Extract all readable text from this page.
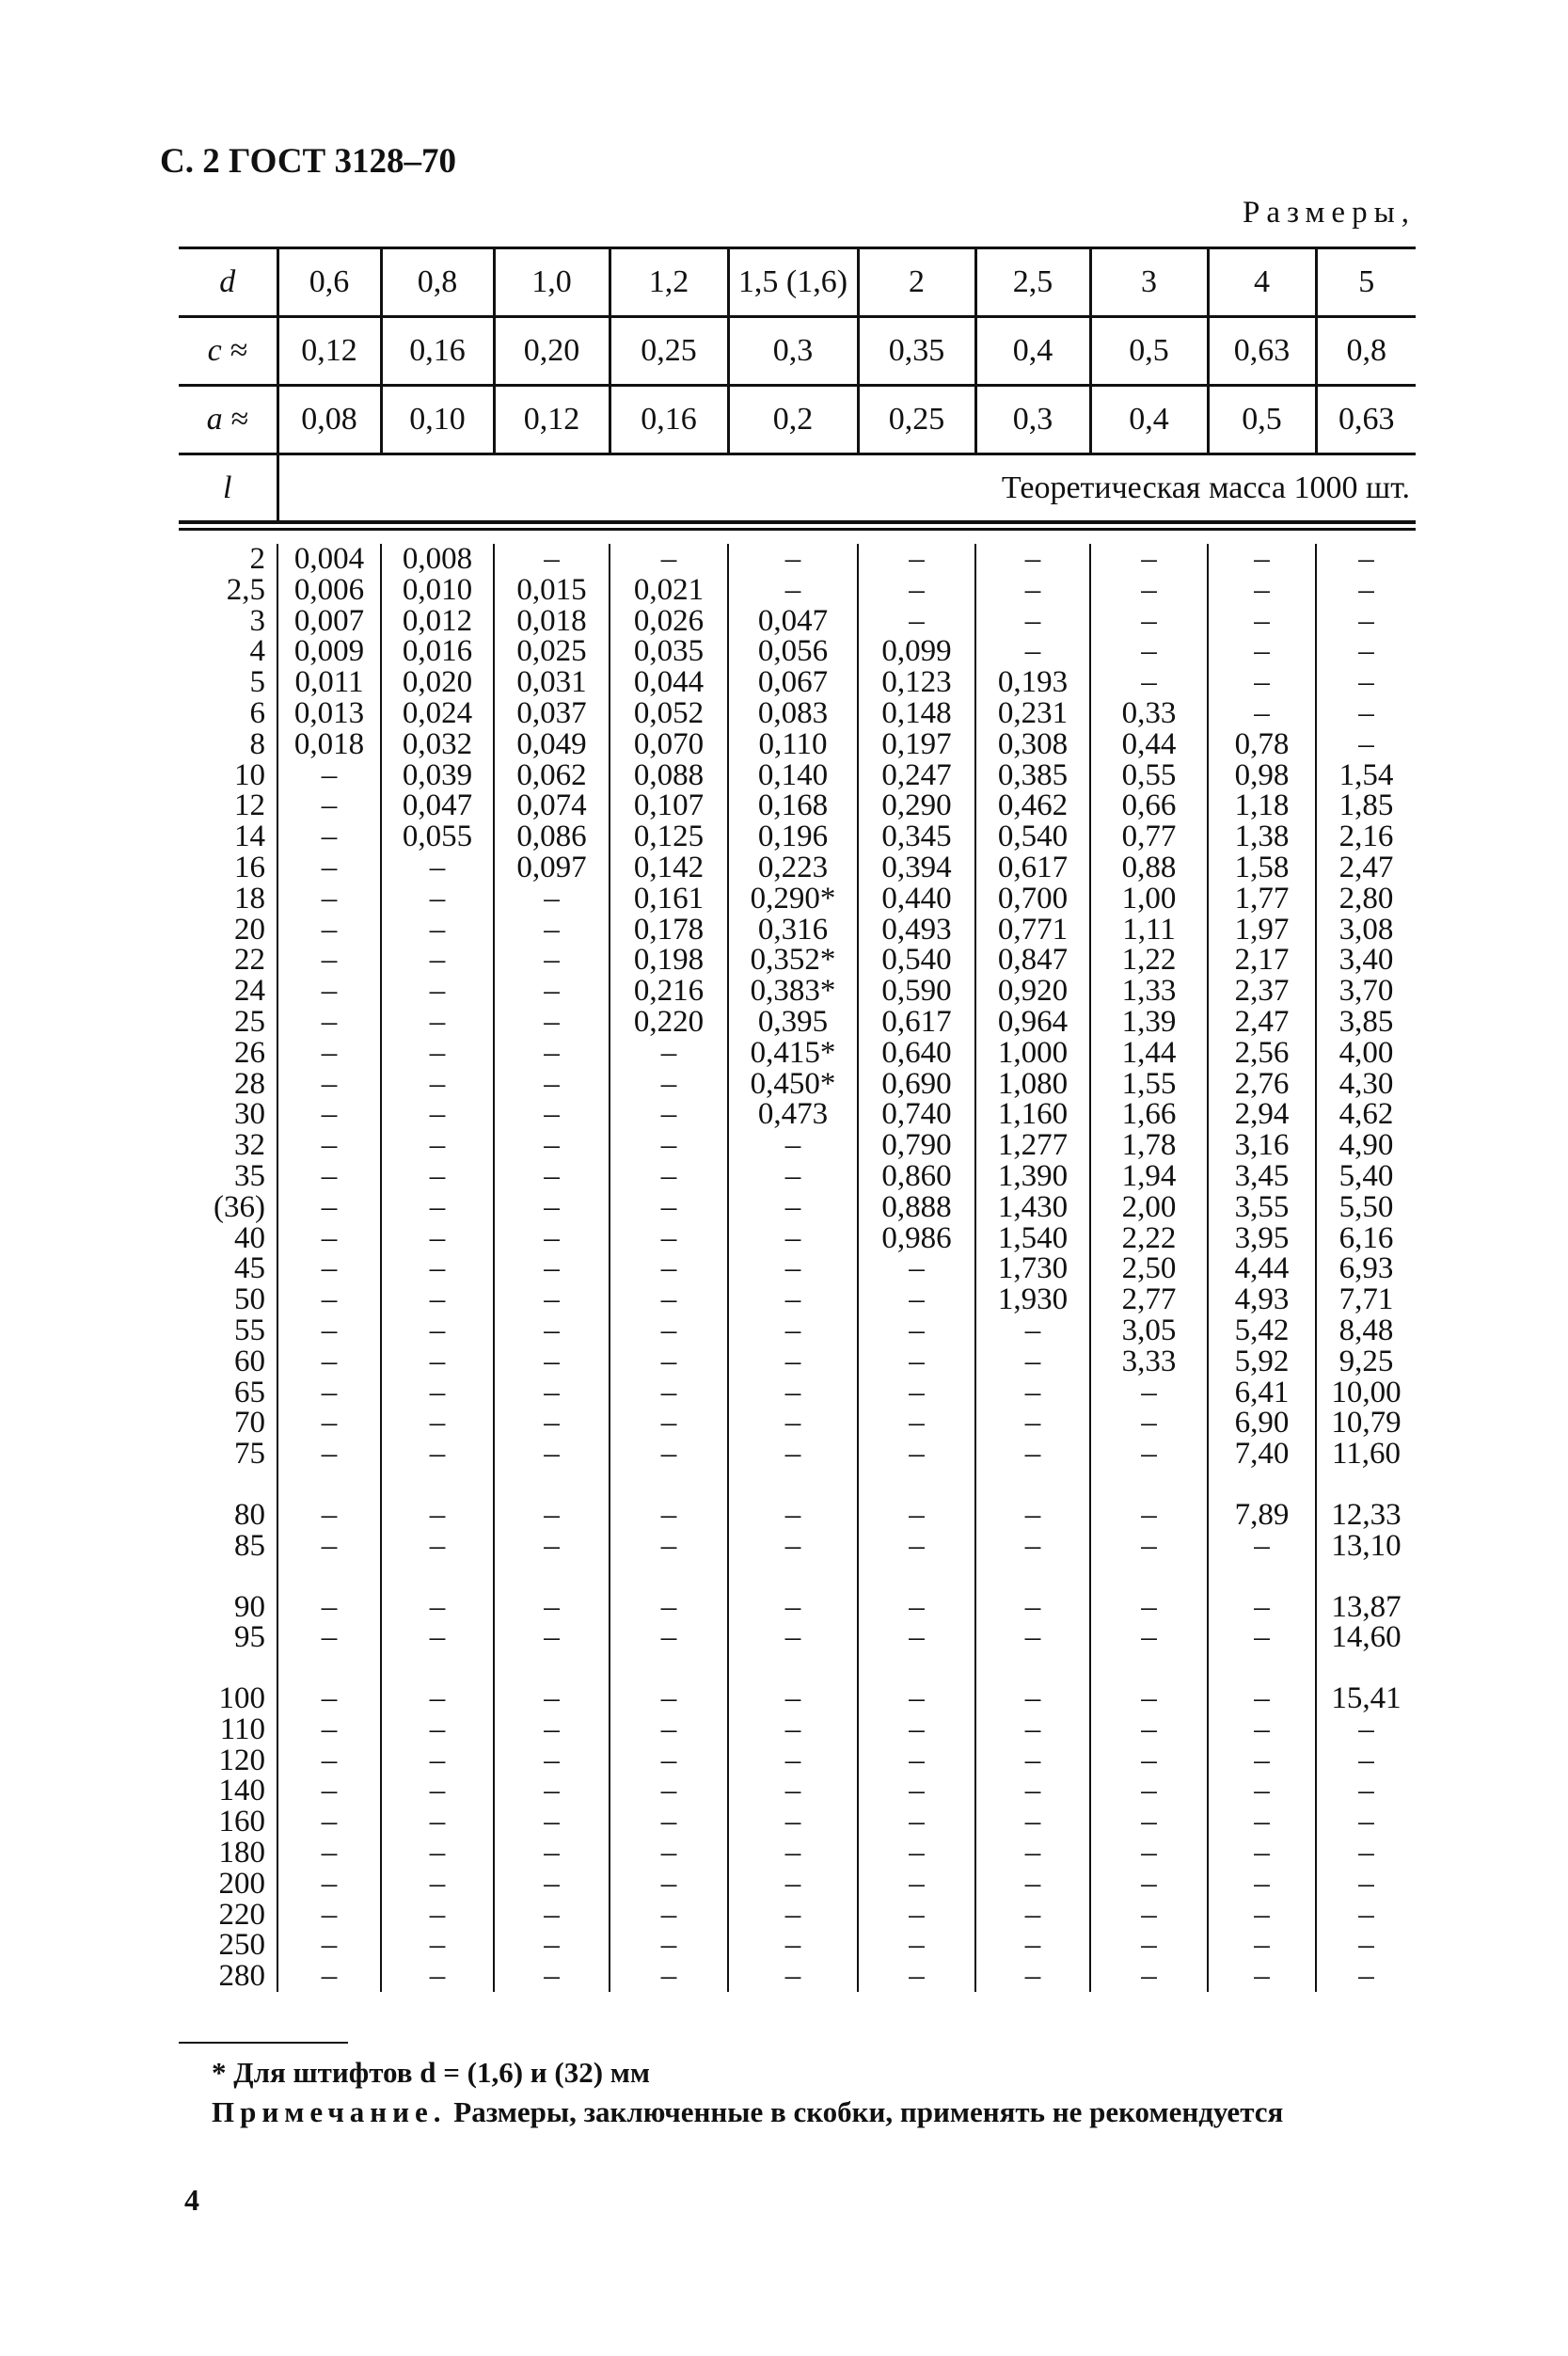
С. 2 ГОСТ 3128–70
Размеры,
d	0,6	0,8	1,0	1,2	1,5 (1,6)	2	2,5	3	4	5
c ≈	0,12	0,16	0,20	0,25	0,3	0,35	0,4	0,5	0,63	0,8
a ≈	0,08	0,10	0,12	0,16	0,2	0,25	0,3	0,4	0,5	0,63
l	Теоретическая масса 1000 шт.									
2	0,004	0,008	–	–	–	–	–	–	–	–
2,5	0,006	0,010	0,015	0,021	–	–	–	–	–	–
3	0,007	0,012	0,018	0,026	0,047	–	–	–	–	–
4	0,009	0,016	0,025	0,035	0,056	0,099	–	–	–	–
5	0,011	0,020	0,031	0,044	0,067	0,123	0,193	–	–	–
6	0,013	0,024	0,037	0,052	0,083	0,148	0,231	0,33	–	–
8	0,018	0,032	0,049	0,070	0,110	0,197	0,308	0,44	0,78	–
10	–	0,039	0,062	0,088	0,140	0,247	0,385	0,55	0,98	1,54
12	–	0,047	0,074	0,107	0,168	0,290	0,462	0,66	1,18	1,85
14	–	0,055	0,086	0,125	0,196	0,345	0,540	0,77	1,38	2,16
16	–	–	0,097	0,142	0,223	0,394	0,617	0,88	1,58	2,47
18	–	–	–	0,161	0,290*	0,440	0,700	1,00	1,77	2,80
20	–	–	–	0,178	0,316	0,493	0,771	1,11	1,97	3,08
22	–	–	–	0,198	0,352*	0,540	0,847	1,22	2,17	3,40
24	–	–	–	0,216	0,383*	0,590	0,920	1,33	2,37	3,70
25	–	–	–	0,220	0,395	0,617	0,964	1,39	2,47	3,85
26	–	–	–	–	0,415*	0,640	1,000	1,44	2,56	4,00
28	–	–	–	–	0,450*	0,690	1,080	1,55	2,76	4,30
30	–	–	–	–	0,473	0,740	1,160	1,66	2,94	4,62
32	–	–	–	–	–	0,790	1,277	1,78	3,16	4,90
35	–	–	–	–	–	0,860	1,390	1,94	3,45	5,40
(36)	–	–	–	–	–	0,888	1,430	2,00	3,55	5,50
40	–	–	–	–	–	0,986	1,540	2,22	3,95	6,16
45	–	–	–	–	–	–	1,730	2,50	4,44	6,93
50	–	–	–	–	–	–	1,930	2,77	4,93	7,71
55	–	–	–	–	–	–	–	3,05	5,42	8,48
60	–	–	–	–	–	–	–	3,33	5,92	9,25
65	–	–	–	–	–	–	–	–	6,41	10,00
70	–	–	–	–	–	–	–	–	6,90	10,79
75	–	–	–	–	–	–	–	–	7,40	11,60

80	–	–	–	–	–	–	–	–	7,89	12,33
85	–	–	–	–	–	–	–	–	–	13,10

90	–	–	–	–	–	–	–	–	–	13,87
95	–	–	–	–	–	–	–	–	–	14,60

100	–	–	–	–	–	–	–	–	–	15,41
110	–	–	–	–	–	–	–	–	–	–
120	–	–	–	–	–	–	–	–	–	–
140	–	–	–	–	–	–	–	–	–	–
160	–	–	–	–	–	–	–	–	–	–
180	–	–	–	–	–	–	–	–	–	–
200	–	–	–	–	–	–	–	–	–	–
220	–	–	–	–	–	–	–	–	–	–
250	–	–	–	–	–	–	–	–	–	–
280	–	–	–	–	–	–	–	–	–	–
* Для штифтов d = (1,6) и (32) мм
Примечание. Размеры, заключенные в скобки, применять не рекомендуется
4
